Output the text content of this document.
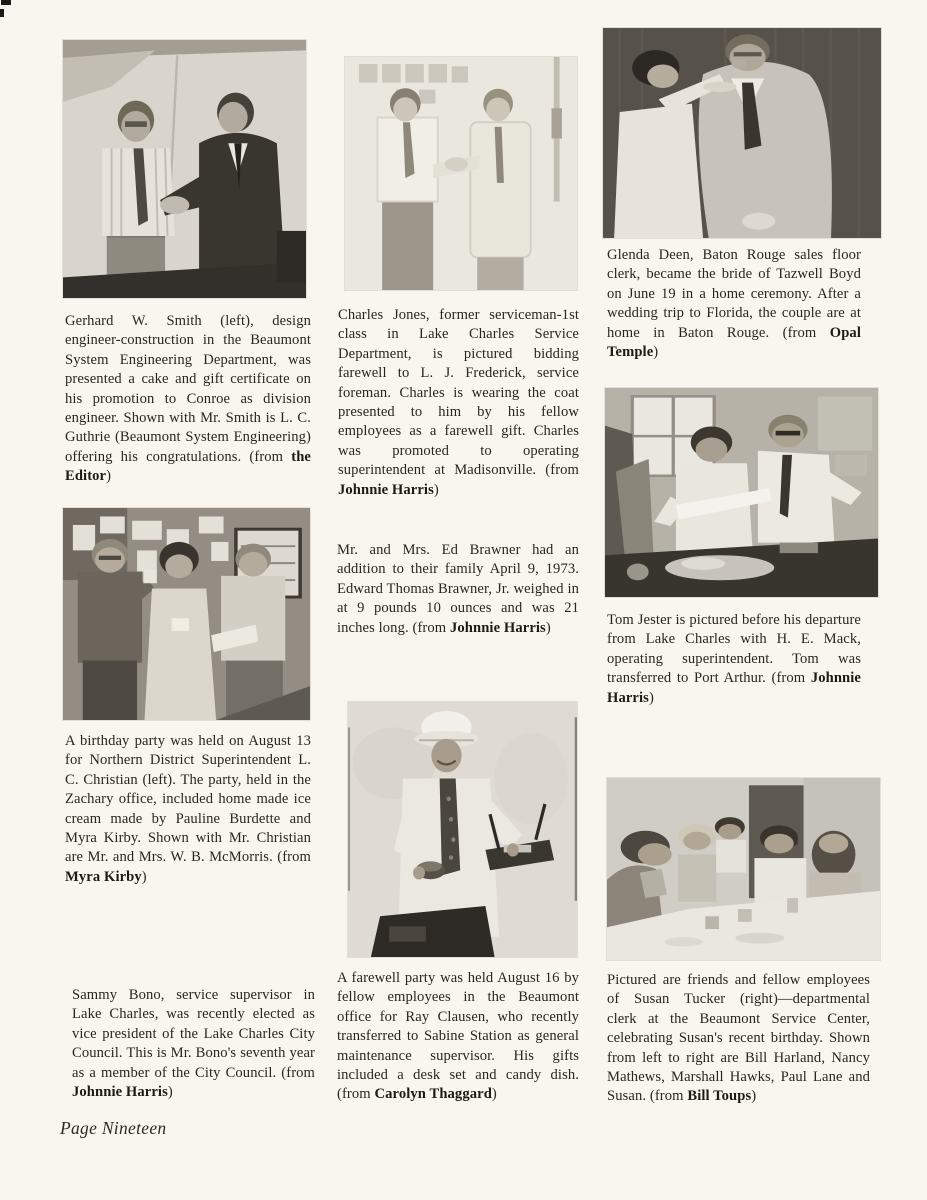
Gerhard W. Smith (left), design engineer-construction in the Beaumont System Engineering Department, was presented a cake and gift certificate on his promotion to Conroe as division engineer. Shown with Mr. Smith is L. C. Guthrie (Beaumont System Engineering) offering his congratulations. (from the Editor)

A birthday party was held on August 13 for Northern District Superintendent L. C. Christian (left). The party, held in the Zachary office, included home made ice cream made by Pauline Burdette and Myra Kirby. Shown with Mr. Christian are Mr. and Mrs. W. B. McMorris. (from Myra Kirby)

Sammy Bono, service supervisor in Lake Charles, was recently elected as vice president of the Lake Charles City Council. This is Mr. Bono's seventh year as a member of the City Council. (from Johnnie Harris)

Page Nineteen

Charles Jones, former serviceman-1st class in Lake Charles Service Department, is pictured bidding farewell to L. J. Frederick, service foreman. Charles is wearing the coat presented to him by his fellow employees as a farewell gift. Charles was promoted to operating superintendent at Madisonville. (from Johnnie Harris)

Mr. and Mrs. Ed Brawner had an addition to their family April 9, 1973. Edward Thomas Brawner, Jr. weighed in at 9 pounds 10 ounces and was 21 inches long. (from Johnnie Harris)

A farewell party was held August 16 by fellow employees in the Beaumont office for Ray Clausen, who recently transferred to Sabine Station as general maintenance supervisor. His gifts included a desk set and candy dish. (from Carolyn Thaggard)

Glenda Deen, Baton Rouge sales floor clerk, became the bride of Tazwell Boyd on June 19 in a home ceremony. After a wedding trip to Florida, the couple are at home in Baton Rouge. (from Opal Temple)

Tom Jester is pictured before his departure from Lake Charles with H. E. Mack, operating superintendent. Tom was transferred to Port Arthur. (from Johnnie Harris)

Pictured are friends and fellow employees of Susan Tucker (right)—departmental clerk at the Beaumont Service Center, celebrating Susan's recent birthday. Shown from left to right are Bill Harland, Nancy Mathews, Marshall Hawks, Paul Lane and Susan. (from Bill Toups)
